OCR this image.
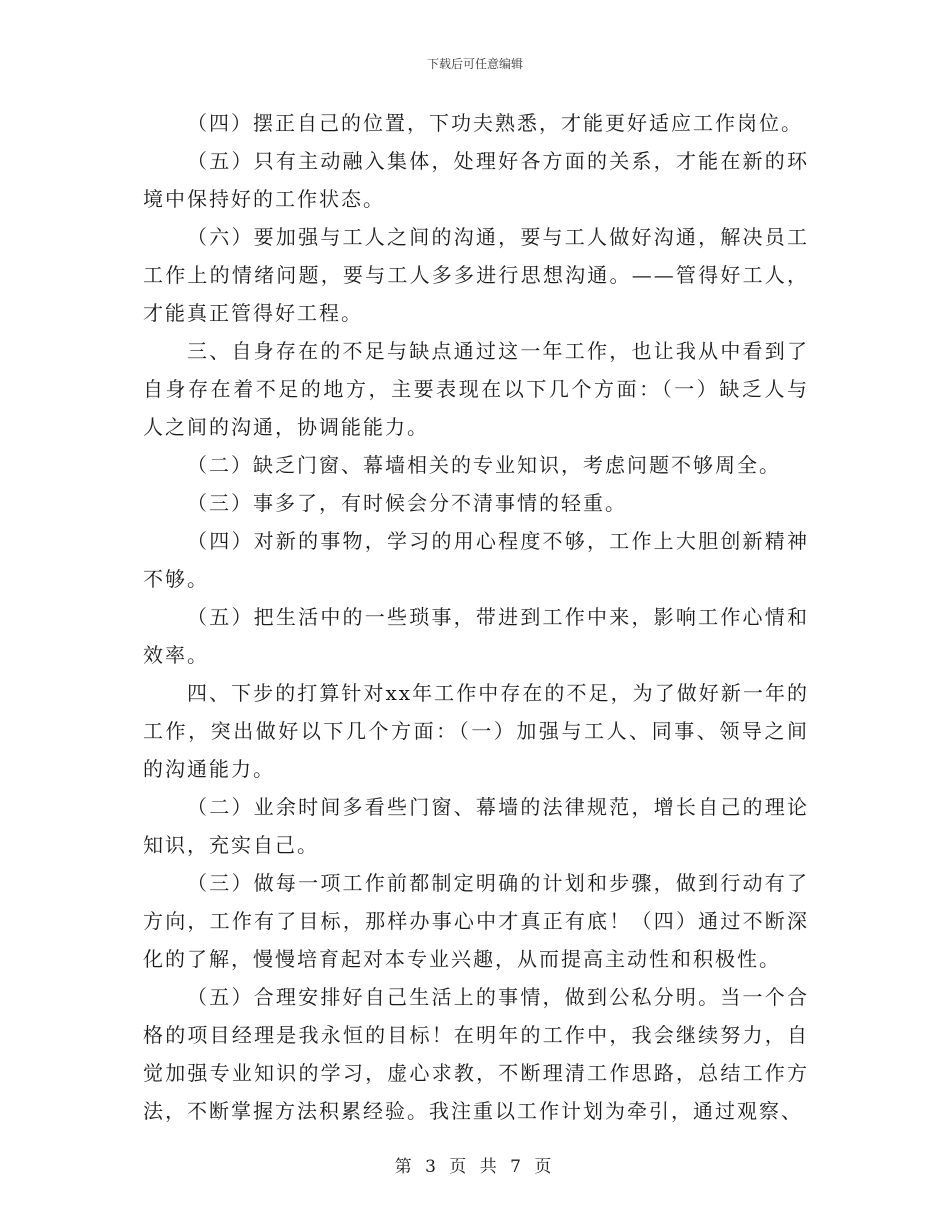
下载后可任意编辑

（四）摆正自己的位置，下功夫熟悉，才能更好适应工作岗位。

（五）只有主动融入集体，处理好各方面的关系，才能在新的环境中保持好的工作状态。

（六）要加强与工人之间的沟通，要与工人做好沟通，解决员工工作上的情绪问题，要与工人多多进行思想沟通。——管得好工人，才能真正管得好工程。

三、自身存在的不足与缺点通过这一年工作，也让我从中看到了自身存在着不足的地方，主要表现在以下几个方面：（一）缺乏人与人之间的沟通，协调能能力。

（二）缺乏门窗、幕墙相关的专业知识，考虑问题不够周全。

（三）事多了，有时候会分不清事情的轻重。

（四）对新的事物，学习的用心程度不够，工作上大胆创新精神不够。

（五）把生活中的一些琐事，带进到工作中来，影响工作心情和效率。

四、下步的打算针对xx年工作中存在的不足，为了做好新一年的工作，突出做好以下几个方面：（一）加强与工人、同事、领导之间的沟通能力。

（二）业余时间多看些门窗、幕墙的法律规范，增长自己的理论知识，充实自己。

（三）做每一项工作前都制定明确的计划和步骤，做到行动有了方向，工作有了目标，那样办事心中才真正有底！（四）通过不断深化的了解，慢慢培育起对本专业兴趣，从而提高主动性和积极性。

（五）合理安排好自己生活上的事情，做到公私分明。当一个合格的项目经理是我永恒的目标！在明年的工作中，我会继续努力，自觉加强专业知识的学习，虚心求教，不断理清工作思路，总结工作方法，不断掌握方法积累经验。我注重以工作计划为牵引，通过观察、

第 3 页 共 7 页
